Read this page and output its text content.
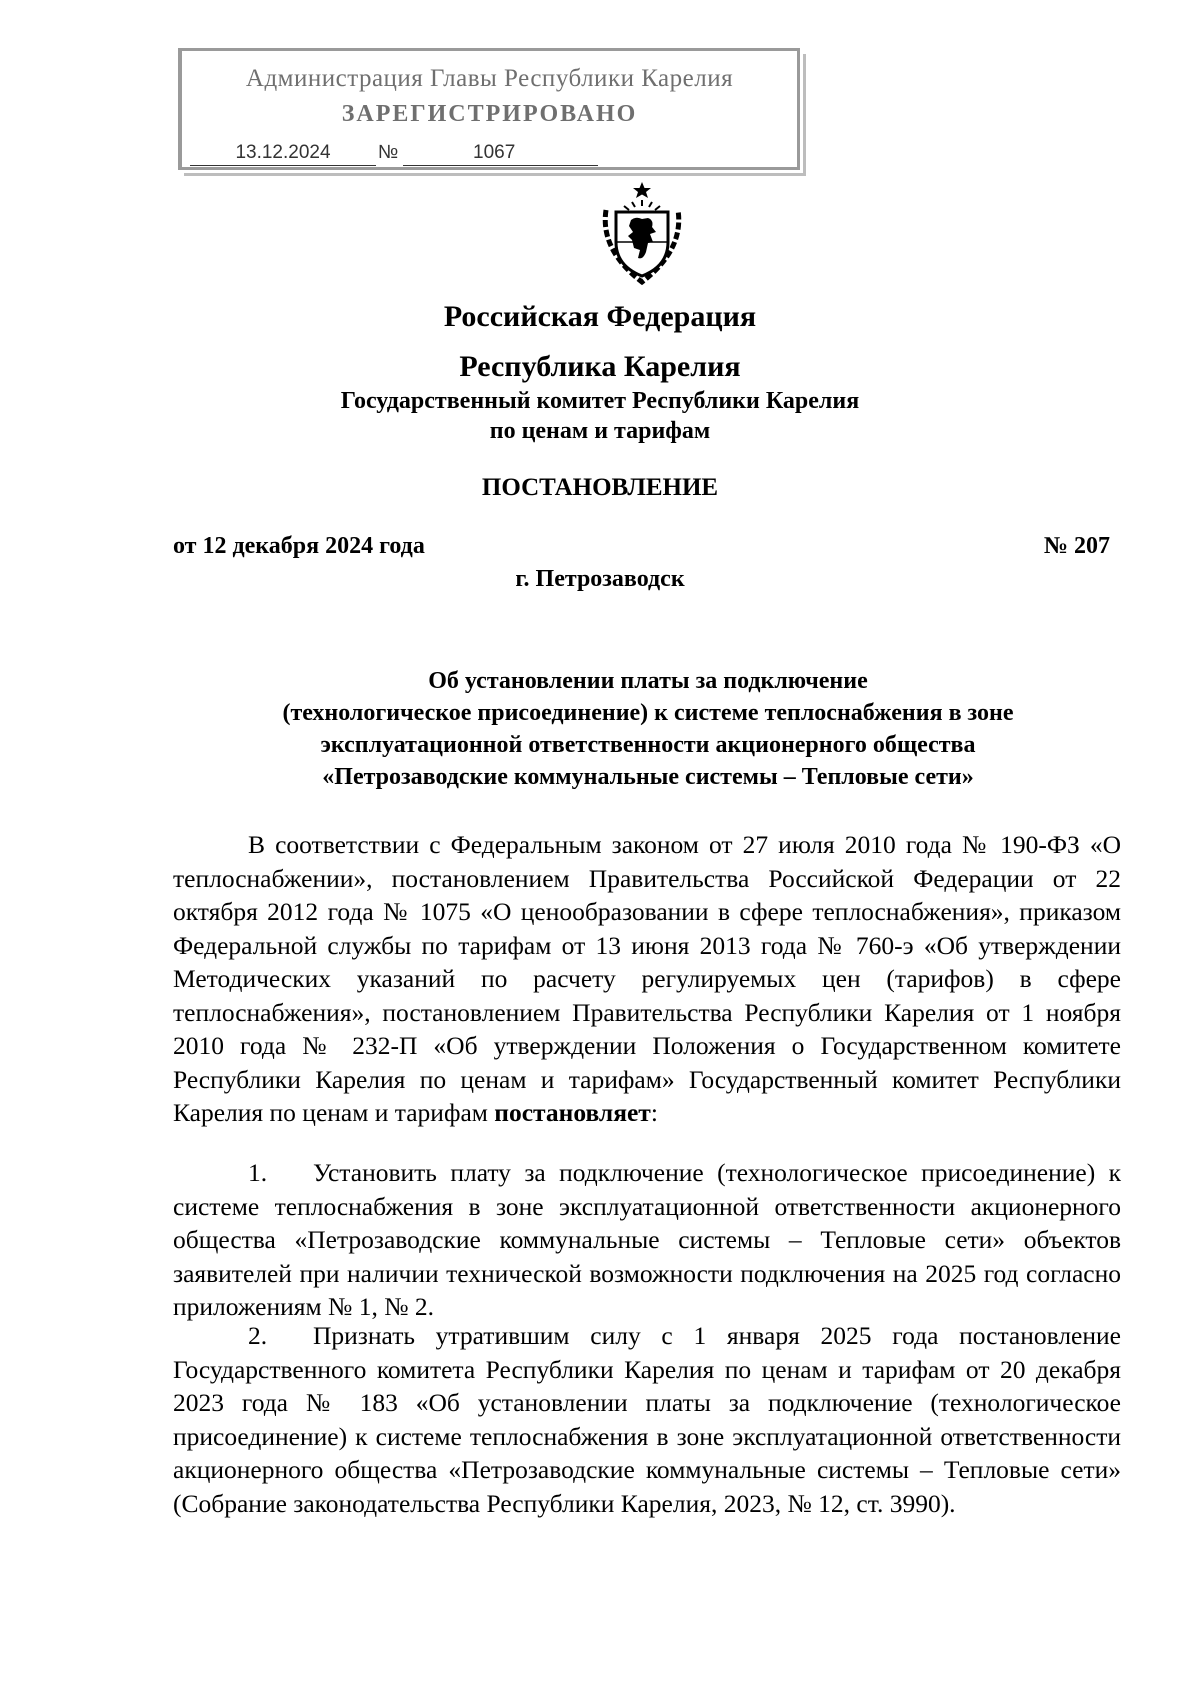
Администрация Главы Республики Карелия
ЗАРЕГИСТРИРОВАНО
13.12.2024	№	1067
Российская Федерация
Республика Карелия
Государственный комитет Республики Карелия
по ценам и тарифам
ПОСТАНОВЛЕНИЕ
от 12 декабря 2024 года	№ 207
г. Петрозаводск
Об установлении платы за подключение
(технологическое присоединение) к системе теплоснабжения в зоне
эксплуатационной ответственности акционерного общества
«Петрозаводские коммунальные системы – Тепловые сети»
В соответствии с Федеральным законом от 27 июля 2010 года № 190-ФЗ «О теплоснабжении», постановлением Правительства Российской Федерации от 22 октября 2012 года № 1075 «О ценообразовании в сфере теплоснабжения», приказом Федеральной службы по тарифам от 13 июня 2013 года № 760-э «Об утверждении Методических указаний по расчету регулируемых цен (тарифов) в сфере теплоснабжения», постановлением Правительства Республики Карелия от 1 ноября 2010 года № 232-П «Об утверждении Положения о Государственном комитете Республики Карелия по ценам и тарифам» Государственный комитет Республики Карелия по ценам и тарифам постановляет:
1. Установить плату за подключение (технологическое присоединение) к системе теплоснабжения в зоне эксплуатационной ответственности акционерного общества «Петрозаводские коммунальные системы – Тепловые сети» объектов заявителей при наличии технической возможности подключения на 2025 год согласно приложениям № 1, № 2.
2. Признать утратившим силу с 1 января 2025 года постановление Государственного комитета Республики Карелия по ценам и тарифам от 20 декабря 2023 года № 183 «Об установлении платы за подключение (технологическое присоединение) к системе теплоснабжения в зоне эксплуатационной ответственности акционерного общества «Петрозаводские коммунальные системы – Тепловые сети» (Собрание законодательства Республики Карелия, 2023, № 12, ст. 3990).
